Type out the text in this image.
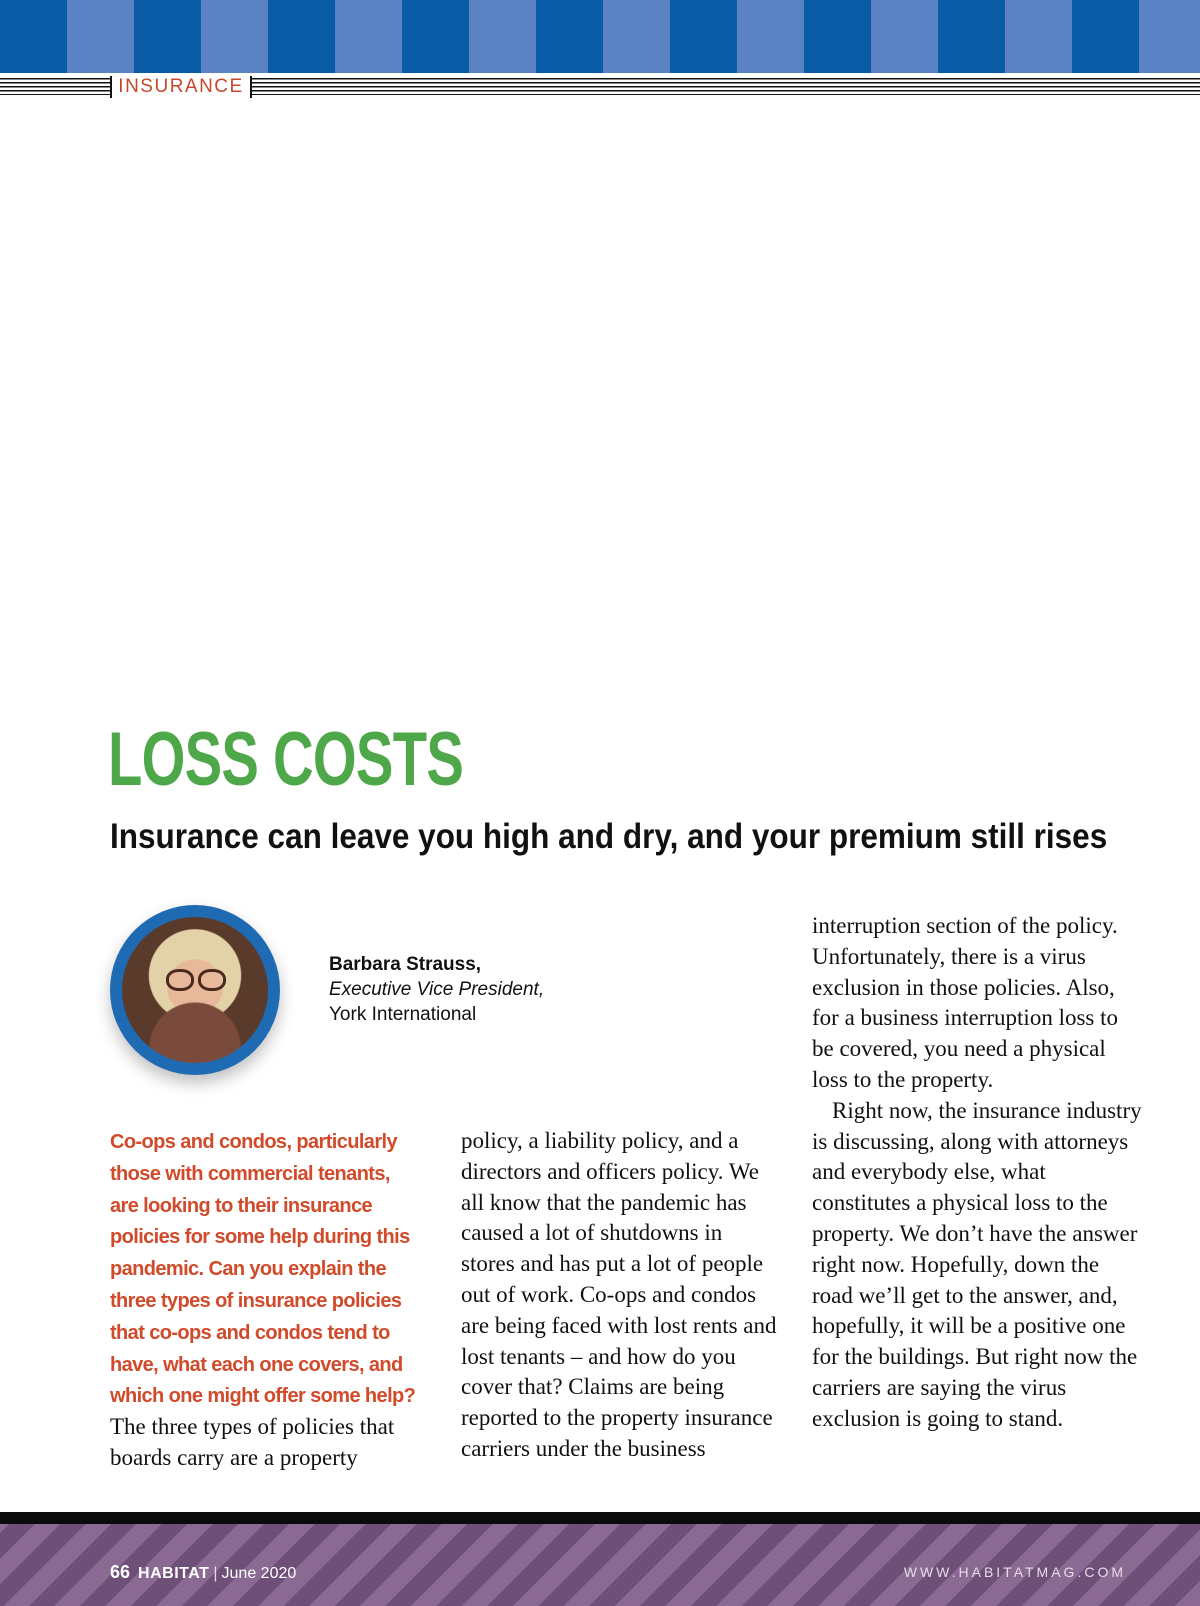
INSURANCE
LOSS COSTS
Insurance can leave you high and dry, and your premium still rises
Barbara Strauss,
Executive Vice President,
York International
Co-ops and condos, particularly those with commercial tenants, are looking to their insurance policies for some help during this pandemic. Can you explain the three types of insurance policies that co-ops and condos tend to have, what each one covers, and which one might offer some help? The three types of policies that boards carry are a property
policy, a liability policy, and a directors and officers policy. We all know that the pandemic has caused a lot of shutdowns in stores and has put a lot of people out of work. Co-ops and condos are being faced with lost rents and lost tenants – and how do you cover that? Claims are being reported to the property insurance carriers under the business

interruption section of the policy. Unfortunately, there is a virus exclusion in those policies. Also, for a business interruption loss to be covered, you need a physical loss to the property.

Right now, the insurance industry is discussing, along with attorneys and everybody else, what constitutes a physical loss to the property. We don’t have the answer right now. Hopefully, down the road we’ll get to the answer, and, hopefully, it will be a positive one for the buildings. But right now the carriers are saying the virus exclusion is going to stand.

66 HABITAT | June 2020	WWW.HABITATMAG.COM
